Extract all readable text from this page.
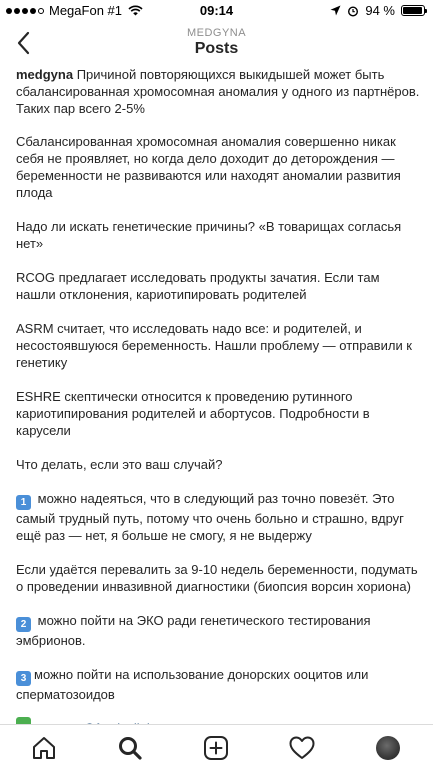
MegaFon #1	09:14	94 %
MEDGYNA
Posts

medgyna Причиной повторяющихся выкидышей может быть сбалансированная хромосомная аномалия у одного из партнёров. Таких пар всего 2-5%

Сбалансированная хромосомная аномалия совершенно никак себя не проявляет, но когда дело доходит до деторождения — беременности не развиваются или находят аномалии развития плода

Надо ли искать генетические причины? «В товарищах согласья нет»

RCOG предлагает исследовать продукты зачатия. Если там нашли отклонения, кариотипировать родителей

ASRM считает, что исследовать надо все: и родителей, и несостоявшуюся беременность. Нашли проблему — отправили к генетику

ESHRE скептически относится к проведению рутинного кариотипирования родителей и абортусов. Подробности в карусели

Что делать, если это ваш случай?

1 можно надеяться, что в следующий раз точно повезёт. Это самый трудный путь, потому что очень больно и страшно, вдруг ещё раз — нет, я больше не смогу, я не выдержу

Если удаётся перевалить за 9-10 недель беременности, подумать о проведении инвазивной диагностики (биопсия ворсин хориона)

2 можно пойти на ЭКО ради генетического тестирования эмбрионов.

3 можно пойти на использование донорских ооцитов или сперматозоидов
